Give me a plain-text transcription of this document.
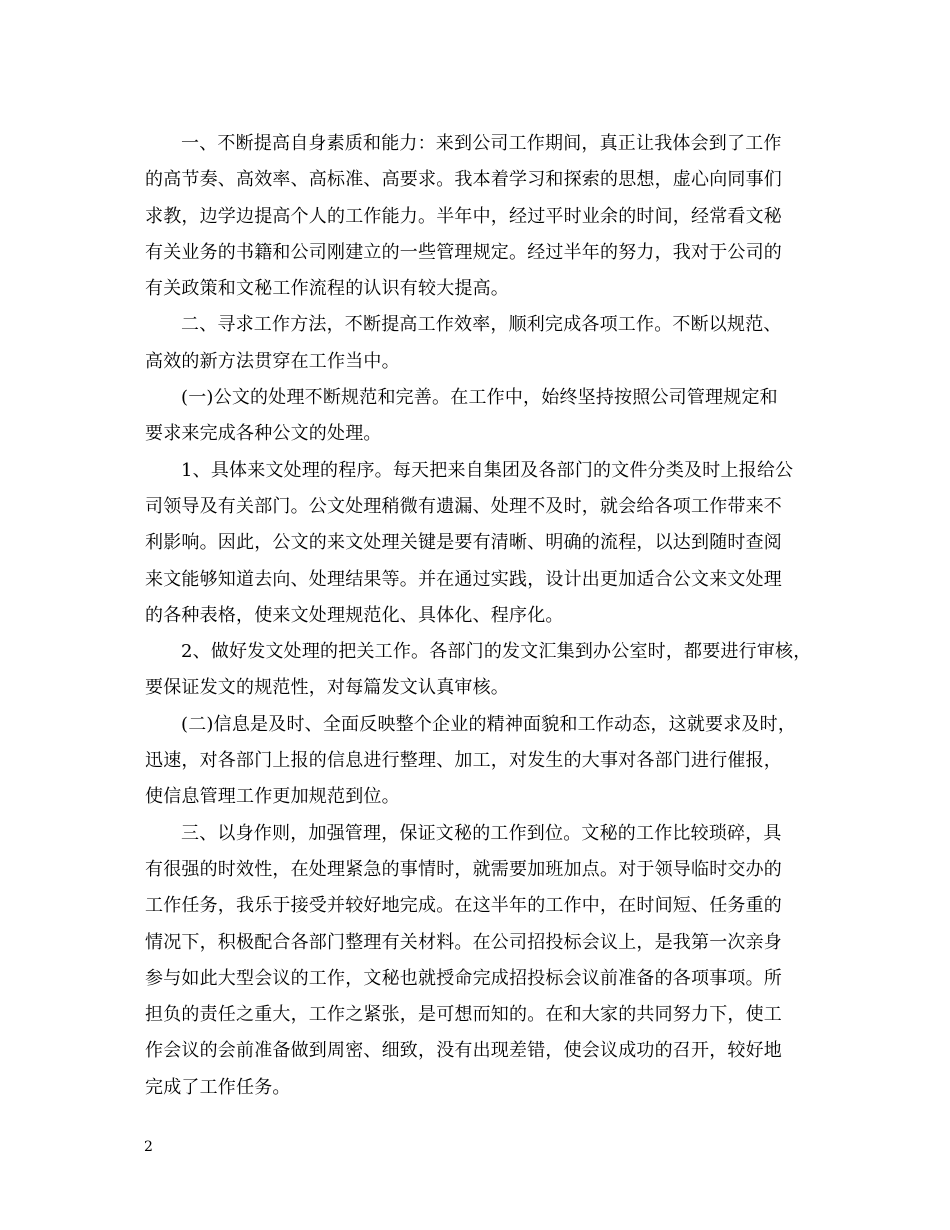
一、不断提高自身素质和能力：来到公司工作期间，真正让我体会到了工作
的高节奏、高效率、高标准、高要求。我本着学习和探索的思想，虚心向同事们
求教，边学边提高个人的工作能力。半年中，经过平时业余的时间，经常看文秘
有关业务的书籍和公司刚建立的一些管理规定。经过半年的努力，我对于公司的
有关政策和文秘工作流程的认识有较大提高。
二、寻求工作方法，不断提高工作效率，顺利完成各项工作。不断以规范、
高效的新方法贯穿在工作当中。
(一)公文的处理不断规范和完善。在工作中，始终坚持按照公司管理规定和
要求来完成各种公文的处理。
1、具体来文处理的程序。每天把来自集团及各部门的文件分类及时上报给公
司领导及有关部门。公文处理稍微有遗漏、处理不及时，就会给各项工作带来不
利影响。因此，公文的来文处理关键是要有清晰、明确的流程，以达到随时查阅
来文能够知道去向、处理结果等。并在通过实践，设计出更加适合公文来文处理
的各种表格，使来文处理规范化、具体化、程序化。
2、做好发文处理的把关工作。各部门的发文汇集到办公室时，都要进行审核，
要保证发文的规范性，对每篇发文认真审核。
(二)信息是及时、全面反映整个企业的精神面貌和工作动态，这就要求及时，
迅速，对各部门上报的信息进行整理、加工，对发生的大事对各部门进行催报，
使信息管理工作更加规范到位。
三、以身作则，加强管理，保证文秘的工作到位。文秘的工作比较琐碎，具
有很强的时效性，在处理紧急的事情时，就需要加班加点。对于领导临时交办的
工作任务，我乐于接受并较好地完成。在这半年的工作中，在时间短、任务重的
情况下，积极配合各部门整理有关材料。在公司招投标会议上，是我第一次亲身
参与如此大型会议的工作，文秘也就授命完成招投标会议前准备的各项事项。所
担负的责任之重大，工作之紧张，是可想而知的。在和大家的共同努力下，使工
作会议的会前准备做到周密、细致，没有出现差错，使会议成功的召开，较好地
完成了工作任务。
2
